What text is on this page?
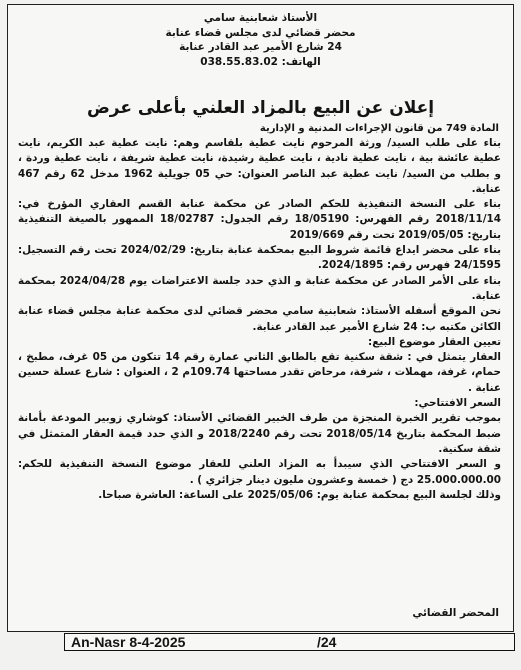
الأستاذ شعابنية سامي
محضر قضائي لدى مجلس قضاء عنابة
24 شارع الأمير عبد القادر عنابة
الهاتف: 038.55.83.02
إعلان عن البيع بالمزاد العلني بأعلى عرض
المادة 749 من قانون الإجراءات المدنية و الإدارية

بناء على طلب السيد/ ورثة المرحوم نايت عطية بلقاسم وهم: نايت عطية عبد الكريم، نايت عطية عائشة بية ، نايت عطية نادية ، نايت عطية رشيدة، نايت عطية شريفة ، نايت عطية وردة ، و بطلب من السيد/ نايت عطية عبد الناصر العنوان: حي 05 جويلية 1962 مدخل 62 رقم 467 عنابة.

بناء على النسخة التنفيذية للحكم الصادر عن محكمة عنابة القسم العقاري المؤرخ في: 2018/11/14 رقم الفهرس: 18/05190 رقم الجدول: 18/02787 الممهور بالصيغة التنفيذية بتاريخ: 2019/05/05 تحت رقم 2019/669

بناء على محضر ايداع قائمة شروط البيع بمحكمة عنابة بتاريخ: 2024/02/29 تحت رقم التسجيل: 24/1595 فهرس رقم: 2024/1895.

بناء على الأمر الصادر عن محكمة عنابة و الذي حدد جلسة الاعتراضات يوم 2024/04/28 بمحكمة عنابة.

نحن الموقع أسفله الأستاذ: شعابنية سامي محضر قضائي لدى محكمة عنابة مجلس قضاء عنابة الكائن مكتبه ب: 24 شارع الأمير عبد القادر عنابة.

تعيين العقار موضوع البيع:

العقار يتمثل في : شقة سكنية تقع بالطابق الثاني عمارة رقم 14 تتكون من 05 غرف، مطبخ ، حمام، غرفة، مهملات ، شرفة، مرحاض تقدر مساحتها 109.74م 2 ، العنوان : شارع عسلة حسين عنابة .

السعر الافتتاحي:

بموجب تقرير الخبرة المنجزة من طرف الخبير القضائي الأستاذ: كوشاري زوبير المودعة بأمانة ضبط المحكمة بتاريخ 2018/05/14 تحت رقم 2018/2240 و الذي حدد قيمة العقار المتمثل في شقة سكنية.

و السعر الافتتاحي الذي سيبدأ به المزاد العلني للعقار موضوع النسخة التنفيذية للحكم: 25.000.000.00 دج ( خمسة وعشرون مليون دينار جزائري ) .

وذلك لجلسة البيع بمحكمة عنابة يوم: 2025/05/06 على الساعة: العاشرة صباحا.

المحضر القضائي
An-Nasr 8-4-2025	/24
